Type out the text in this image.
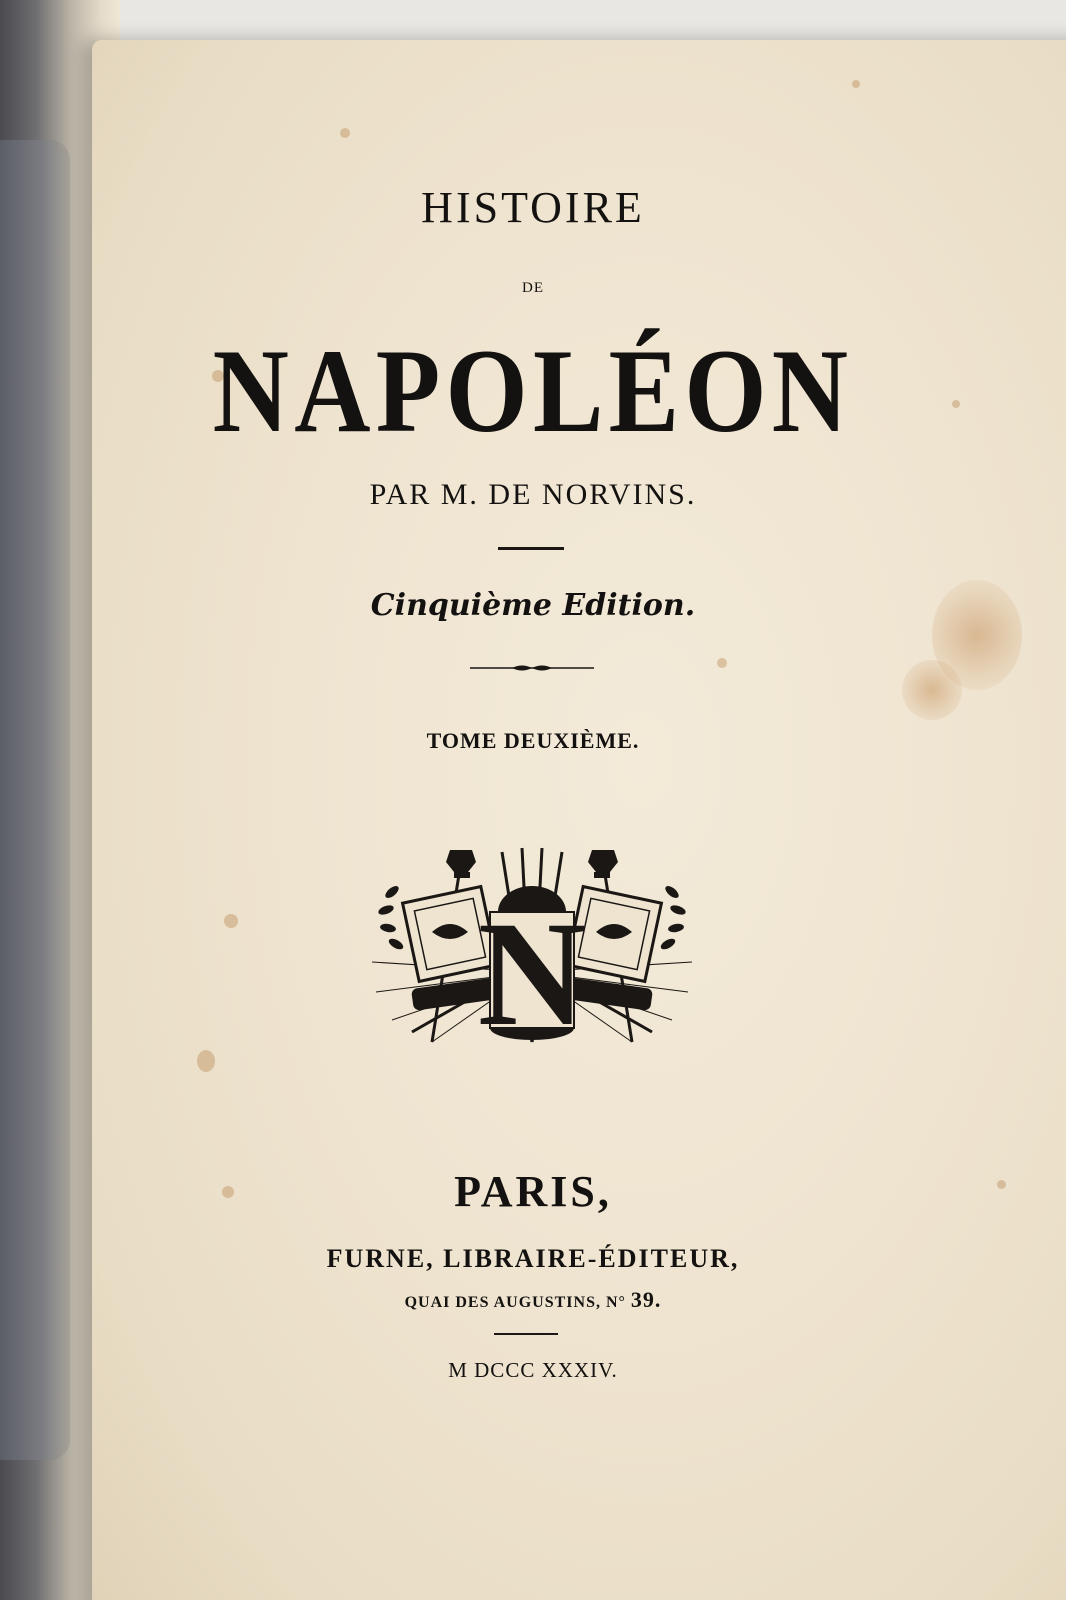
HISTOIRE
DE
NAPOLÉON
PAR M. DE NORVINS.
Cinquième Edition.
TOME DEUXIÈME.
N
PARIS,
FURNE, LIBRAIRE-ÉDITEUR,
QUAI DES AUGUSTINS, N° 39.
M DCCC XXXIV.
